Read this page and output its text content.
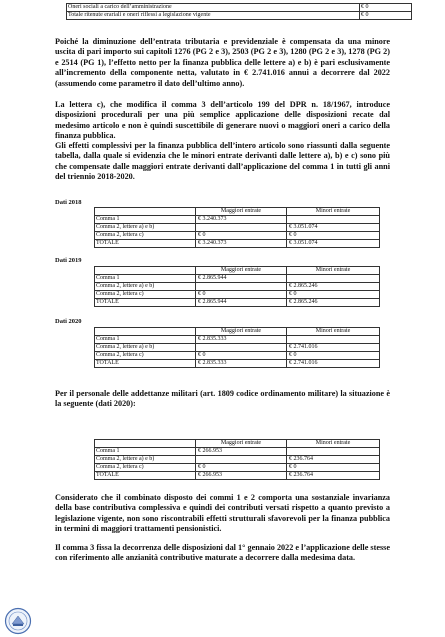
Oneri sociali a carico dell’amministrazione	€ 0
Totale ritenute erariali e oneri riflessi a legislazione vigente	€ 0
Poiché la diminuzione dell’entrata tributaria e previdenziale è compensata da una minore uscita di pari importo sui capitoli 1276 (PG 2 e 3), 2503 (PG 2 e 3), 1280 (PG 2 e 3), 1278 (PG 2) e 2514 (PG 1), l’effetto netto per la finanza pubblica delle lettere a) e b) è pari esclusivamente all’incremento della componente netta, valutato in € 2.741.016 annui a decorrere dal 2022 (assumendo come parametro il dato dell’ultimo anno).
La lettera c), che modifica il comma 3 dell’articolo 199 del DPR n. 18/1967, introduce disposizioni procedurali per una più semplice applicazione delle disposizioni recate dal medesimo articolo e non è quindi suscettibile di generare nuovi o maggiori oneri a carico della finanza pubblica.
Gli effetti complessivi per la finanza pubblica dell’intero articolo sono riassunti dalla seguente tabella, dalla quale si evidenzia che le minori entrate derivanti dalle lettere a), b) e c) sono più che compensate dalle maggiori entrate derivanti dall’applicazione del comma 1 in tutti gli anni del triennio 2018-2020.
Dati 2018
	Maggiori entrate	Minori entrate
Comma 1	€ 3.240.373	
Comma 2, lettere a) e b)		€ 3.051.074
Comma 2, lettera c)	€ 0	€ 0
TOTALE	€ 3.240.373	€ 3.051.074
Dati 2019
	Maggiori entrate	Minori entrate
Comma 1	€ 2.865.944	
Comma 2, lettere a) e b)		€ 2.865.246
Comma 2, lettera c)	€ 0	€ 0
TOTALE	€ 2.865.944	€ 2.865.246
Dati 2020
	Maggiori entrate	Minori entrate
Comma 1	€ 2.835.333	
Comma 2, lettere a) e b)		€ 2.741.016
Comma 2, lettera c)	€ 0	€ 0
TOTALE	€ 2.835.333	€ 2.741.016
Per il personale delle addettanze militari (art. 1809 codice ordinamento militare) la situazione è la seguente (dati 2020):
	Maggiori entrate	Minori entrate
Comma 1	€ 266.953	
Comma 2, lettere a) e b)		€ 236.764
Comma 2, lettera c)	€ 0	€ 0
TOTALE	€ 266.953	€ 236.764
Considerato che il combinato disposto dei commi 1 e 2 comporta una sostanziale invarianza della base contributiva complessiva e quindi dei contributi versati rispetto a quanto previsto a legislazione vigente, non sono riscontrabili effetti strutturali sfavorevoli per la finanza pubblica in termini di maggiori trattamenti pensionistici.
Il comma 3 fissa la decorrenza delle disposizioni dal 1° gennaio 2022 e l’applicazione delle stesse con riferimento alle anzianità contributive maturate a decorrere dalla medesima data.
